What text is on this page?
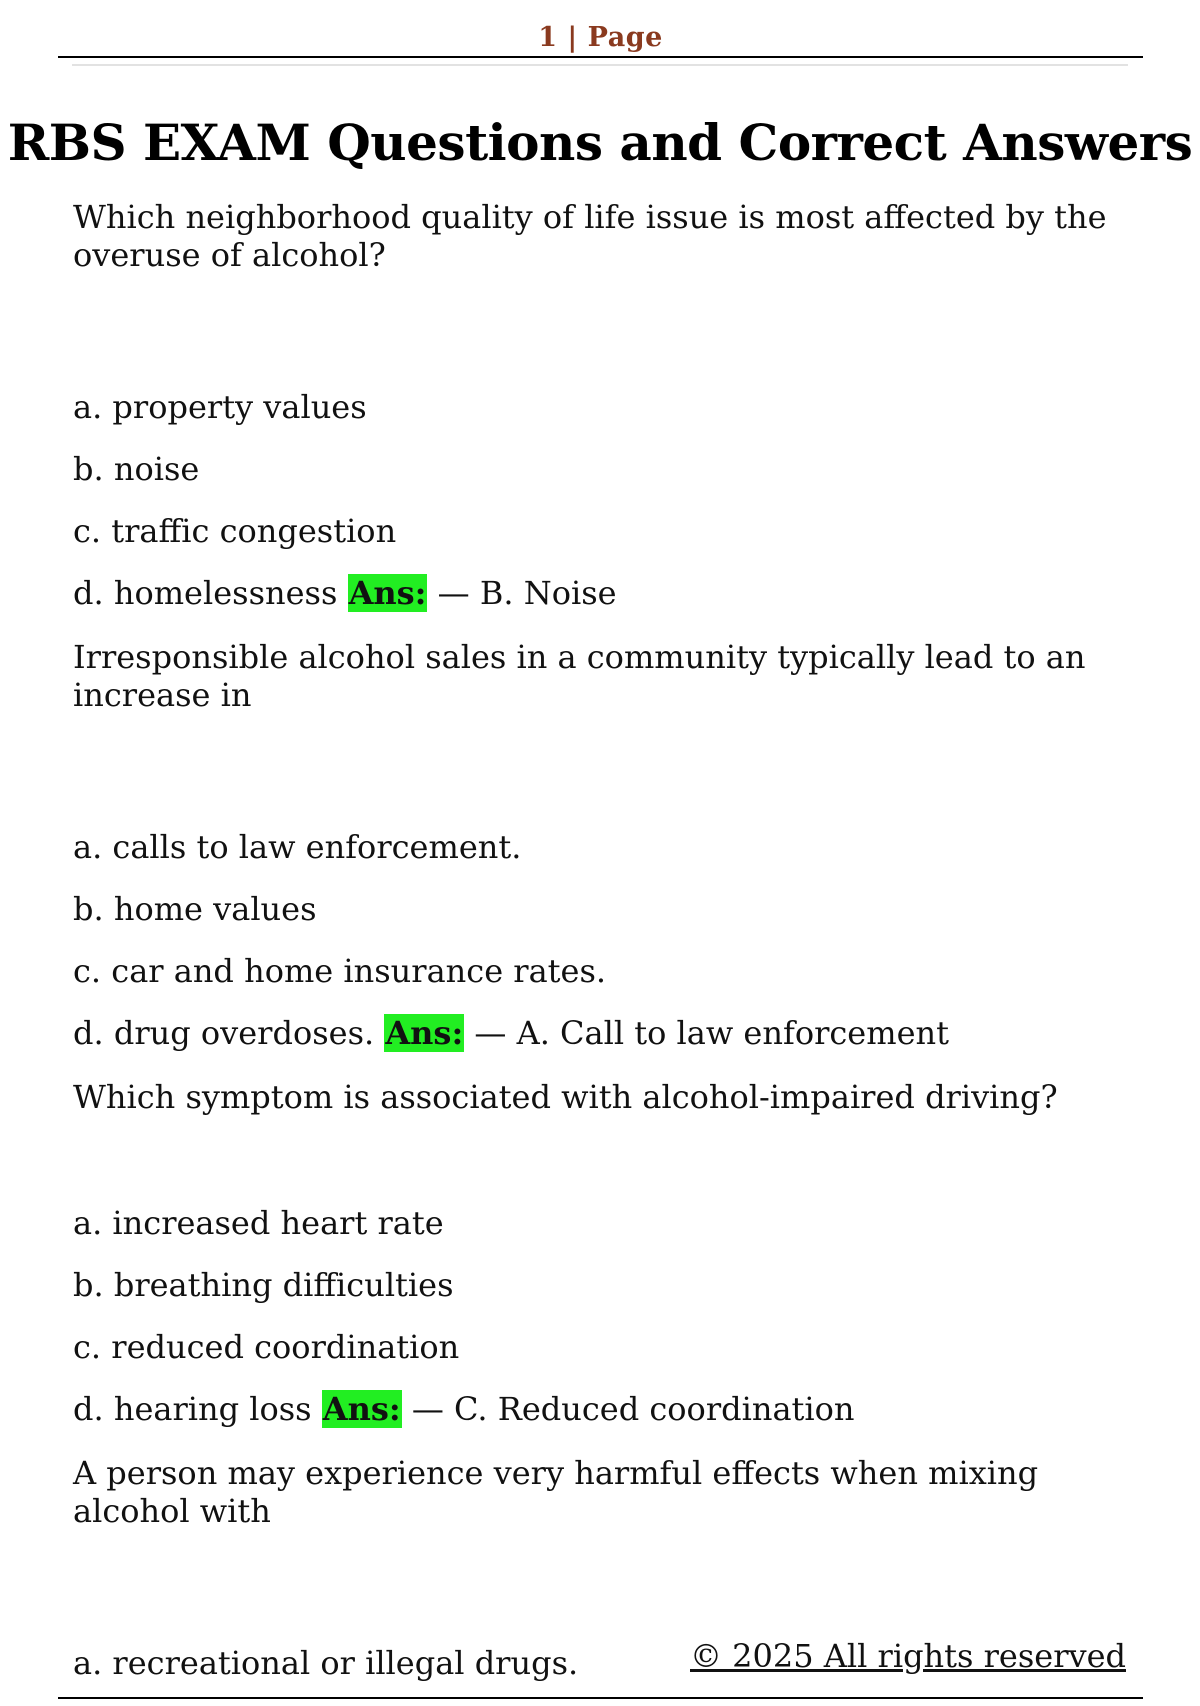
1 | Page
RBS EXAM Questions and Correct Answers

Which neighborhood quality of life issue is most affected by the overuse of alcohol?

a. property values

b. noise

c. traffic congestion

d. homelessness Ans: — B. Noise

Irresponsible alcohol sales in a community typically lead to an increase in

a. calls to law enforcement.

b. home values

c. car and home insurance rates.

d. drug overdoses. Ans: — A. Call to law enforcement

Which symptom is associated with alcohol-impaired driving?

a. increased heart rate

b. breathing difficulties

c. reduced coordination

d. hearing loss Ans: — C. Reduced coordination

A person may experience very harmful effects when mixing alcohol with

a. recreational or illegal drugs.	© 2025 All rights reserved
